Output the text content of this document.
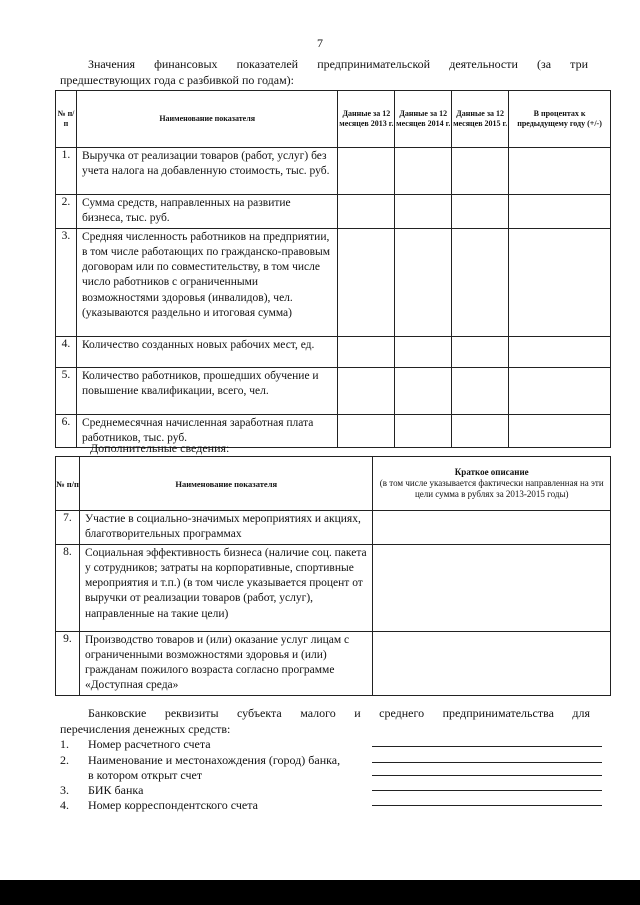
7
Значения финансовых показателей предпринимательской деятельности (за три
предшествующих года с разбивкой по годам):
№ п/п	Наименование показателя	Данные за 12 месяцев 2013 г.	Данные за 12 месяцев 2014 г.	Данные за 12 месяцев 2015 г.	В процентах к предыдущему году (+/-)
1.	Выручка от реализации товаров (работ, услуг) без учета налога на добавленную стоимость, тыс. руб.				
2.	Сумма средств, направленных на развитие бизнеса, тыс. руб.				
3.	Средняя численность работников на предприятии, в том числе работающих по гражданско-правовым договорам или по совместительству, в том числе число работников с ограниченными возможностями здоровья (инвалидов), чел. (указываются раздельно и итоговая сумма)				
4.	Количество созданных новых рабочих мест, ед.				
5.	Количество работников, прошедших обучение и повышение квалификации, всего, чел.				
6.	Среднемесячная начисленная заработная плата работников, тыс. руб.				
Дополнительные сведения:
№ п/п	Наименование показателя	Краткое описание
(в том числе указывается фактически направленная на эти цели сумма в рублях за 2013-2015 годы)
7.	Участие в социально-значимых мероприятиях и акциях, благотворительных программах	
8.	Социальная эффективность бизнеса (наличие соц. пакета у сотрудников; затраты на корпоративные, спортивные мероприятия и т.п.) (в том числе указывается процент от выручки от реализации товаров (работ, услуг), направленные на такие цели)	
9.	Производство товаров и (или) оказание услуг лицам с ограниченными возможностями здоровья и (или) гражданам пожилого возраста согласно программе «Доступная среда»	
Банковские реквизиты субъекта малого и среднего предпринимательства для
перечисления денежных средств:
1. Номер расчетного счета
2. Наименование и местонахождения (город) банка,
в котором открыт счет
3. БИК банка
4. Номер корреспондентского счета
